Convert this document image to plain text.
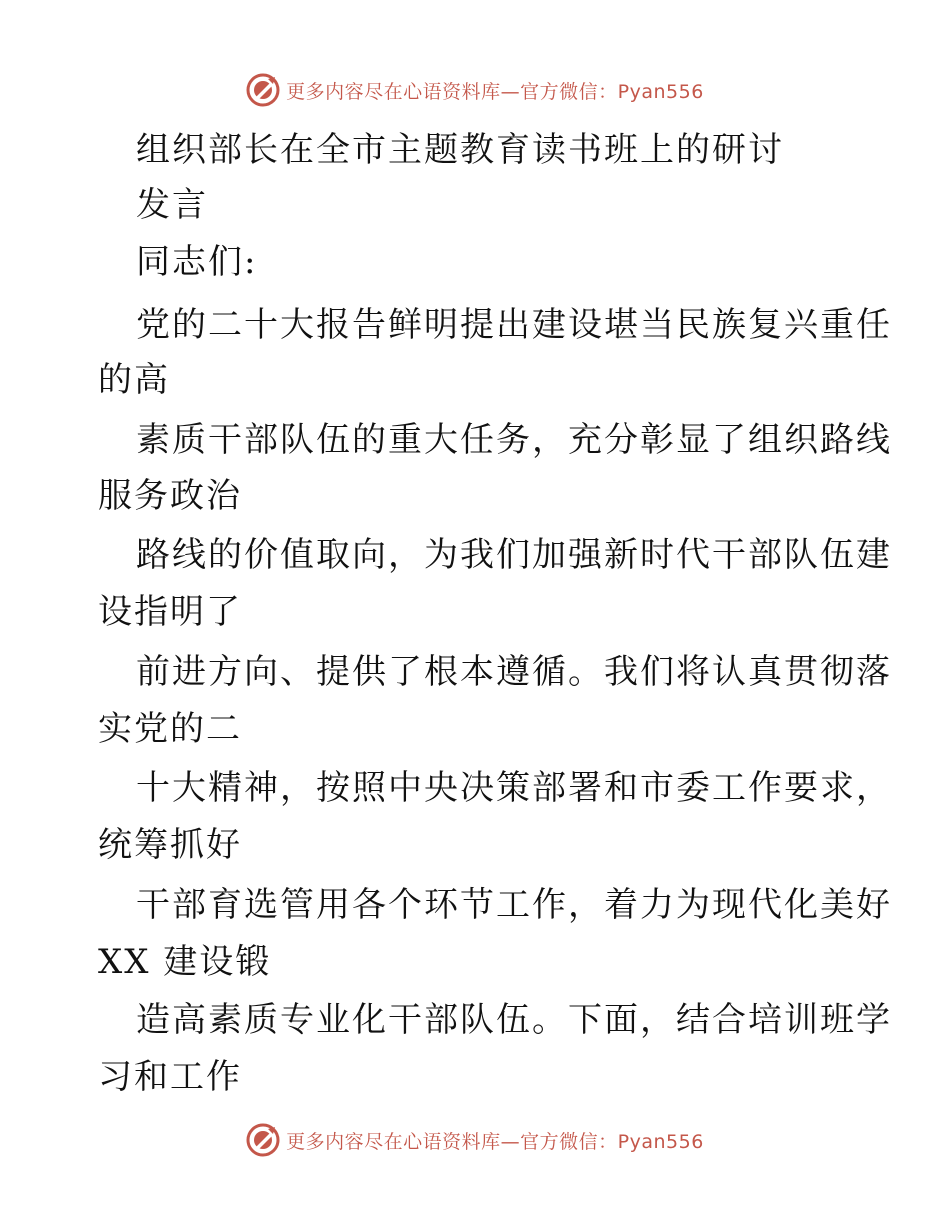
更多内容尽在心语资料库—官方微信：Pyan556
组织部长在全市主题教育读书班上的研讨
发言
同志们:
党的二十大报告鲜明提出建设堪当民族复兴重任
的高
素质干部队伍的重大任务，充分彰显了组织路线
服务政治
路线的价值取向，为我们加强新时代干部队伍建
设指明了
前进方向、提供了根本遵循。我们将认真贯彻落
实党的二
十大精神，按照中央决策部署和市委工作要求，
统筹抓好
干部育选管用各个环节工作，着力为现代化美好
XX 建设锻
造高素质专业化干部队伍。下面，结合培训班学
习和工作
更多内容尽在心语资料库—官方微信：Pyan556
